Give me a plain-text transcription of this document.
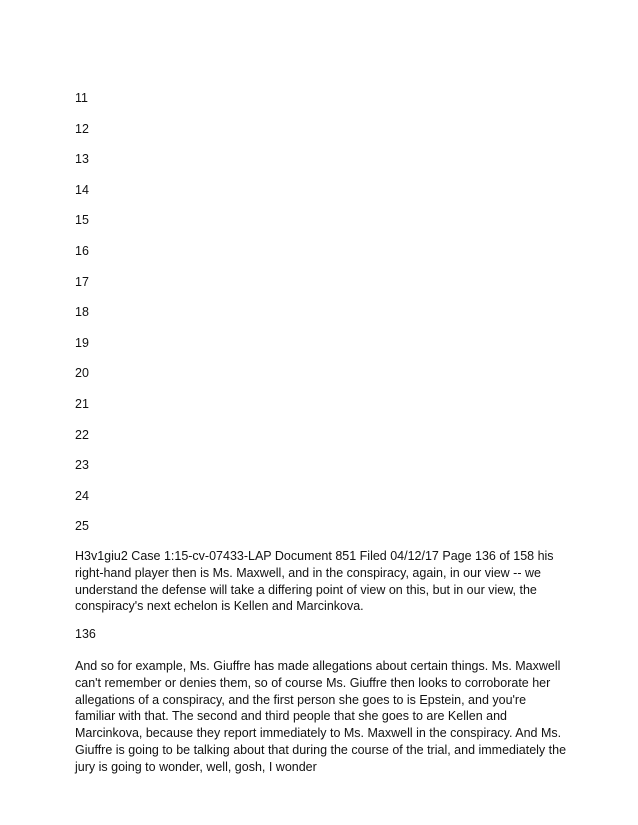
11
12
13
14
15
16
17
18
19
20
21
22
23
24
25

H3v1giu2 Case 1:15-cv-07433-LAP Document 851 Filed 04/12/17 Page 136 of 158 his right-hand player then is Ms. Maxwell, and in the conspiracy, again, in our view -- we understand the defense will take a differing point of view on this, but in our view, the conspiracy's next echelon is Kellen and Marcinkova.

136

And so for example, Ms. Giuffre has made allegations about certain things. Ms. Maxwell can't remember or denies them, so of course Ms. Giuffre then looks to corroborate her allegations of a conspiracy, and the first person she goes to is Epstein, and you're familiar with that. The second and third people that she goes to are Kellen and Marcinkova, because they report immediately to Ms. Maxwell in the conspiracy. And Ms. Giuffre is going to be talking about that during the course of the trial, and immediately the jury is going to wonder, well, gosh, I wonder
